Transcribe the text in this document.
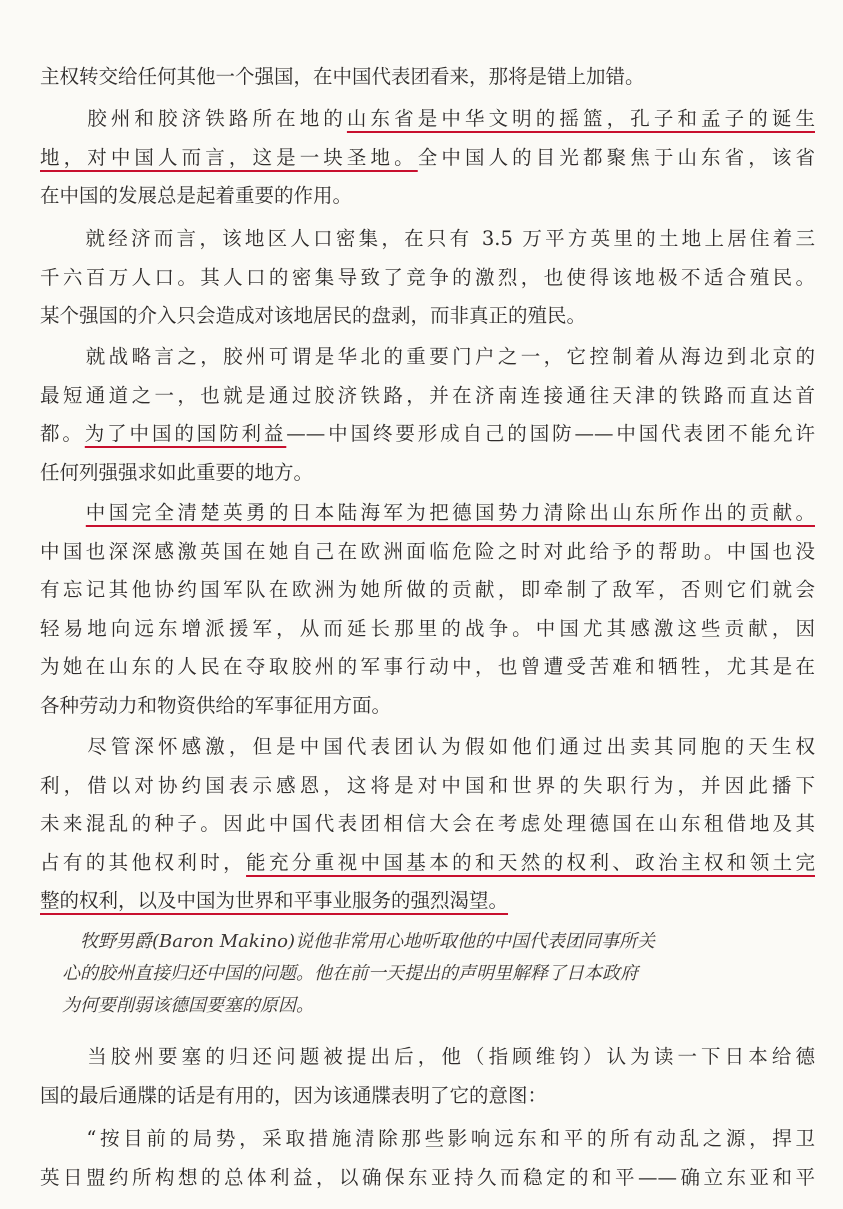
主权转交给任何其他一个强国，在中国代表团看来，那将是错上加错。
　　胶州和胶济铁路所在地的山东省是中华文明的摇篮，孔子和孟子的诞生
地，对中国人而言，这是一块圣地。全中国人的目光都聚焦于山东省，该省
在中国的发展总是起着重要的作用。
　　就经济而言，该地区人口密集，在只有 3.5 万平方英里的土地上居住着三
千六百万人口。其人口的密集导致了竞争的激烈，也使得该地极不适合殖民。
某个强国的介入只会造成对该地居民的盘剥，而非真正的殖民。
　　就战略言之，胶州可谓是华北的重要门户之一，它控制着从海边到北京的
最短通道之一，也就是通过胶济铁路，并在济南连接通往天津的铁路而直达首
都。为了中国的国防利益——中国终要形成自己的国防——中国代表团不能允许
任何列强强求如此重要的地方。
　　中国完全清楚英勇的日本陆海军为把德国势力清除出山东所作出的贡献。
中国也深深感激英国在她自己在欧洲面临危险之时对此给予的帮助。中国也没
有忘记其他协约国军队在欧洲为她所做的贡献，即牵制了敌军，否则它们就会
轻易地向远东增派援军，从而延长那里的战争。中国尤其感激这些贡献，因
为她在山东的人民在夺取胶州的军事行动中，也曾遭受苦难和牺牲，尤其是在
各种劳动力和物资供给的军事征用方面。
　　尽管深怀感激，但是中国代表团认为假如他们通过出卖其同胞的天生权
利，借以对协约国表示感恩，这将是对中国和世界的失职行为，并因此播下
未来混乱的种子。因此中国代表团相信大会在考虑处理德国在山东租借地及其
占有的其他权利时，能充分重视中国基本的和天然的权利、政治主权和领土完
整的权利，以及中国为世界和平事业服务的强烈渴望。
　牧野男爵(Baron Makino)说他非常用心地听取他的中国代表团同事所关
心的胶州直接归还中国的问题。他在前一天提出的声明里解释了日本政府
为何要削弱该德国要塞的原因。
　　当胶州要塞的归还问题被提出后，他（指顾维钧）认为读一下日本给德
国的最后通牒的话是有用的，因为该通牒表明了它的意图：
　　“按目前的局势，采取措施清除那些影响远东和平的所有动乱之源，捍卫
英日盟约所构想的总体利益，以确保东亚持久而稳定的和平——确立东亚和平
